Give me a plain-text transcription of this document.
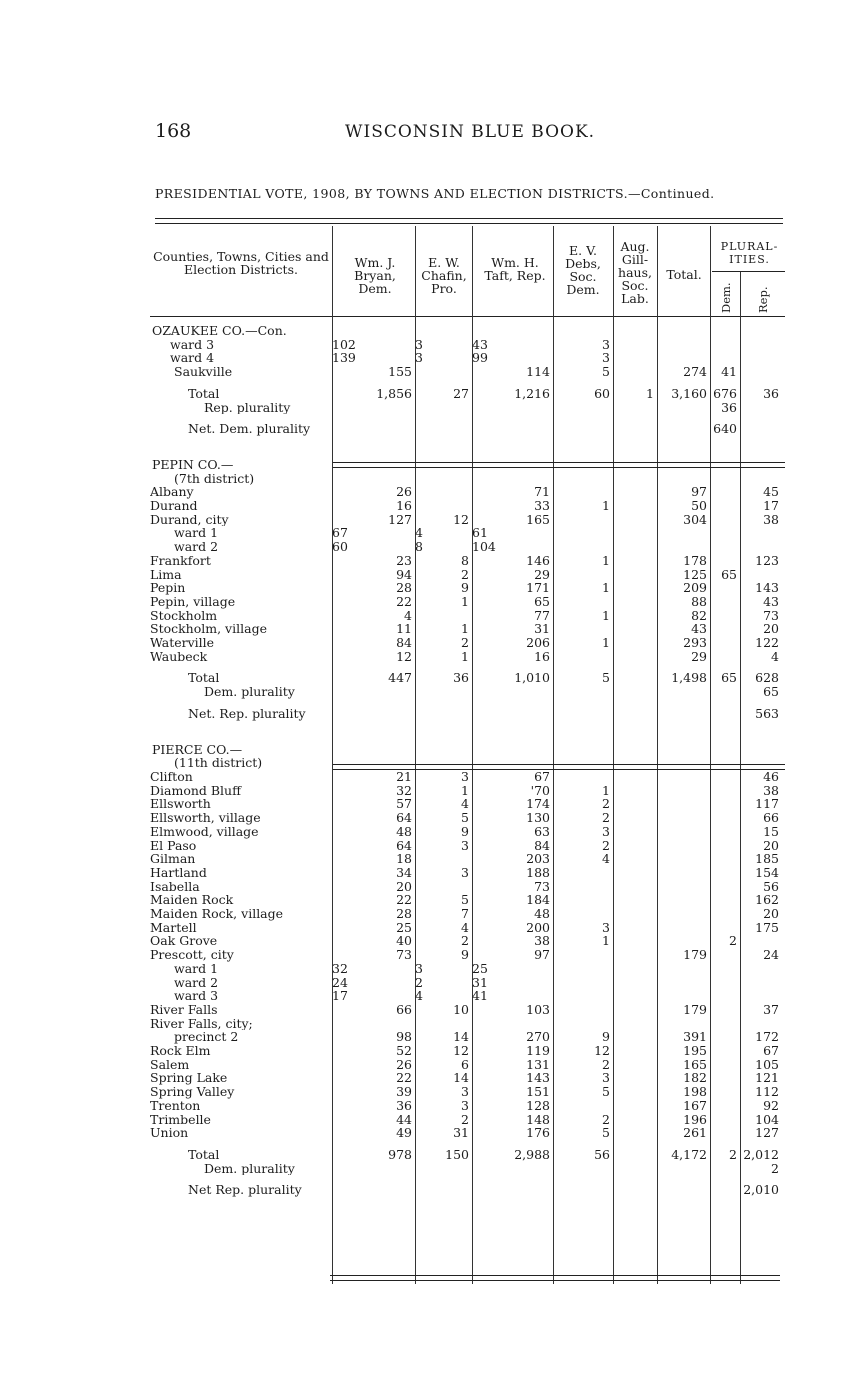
168	WISCONSIN BLUE BOOK.
PRESIDENTIAL VOTE, 1908, BY TOWNS AND ELECTION DISTRICTS.—Continued.
Counties, Towns, Cities and Election Districts.	Wm. J. Bryan, Dem.
E. W. Chafin, Pro.
Wm. H. Taft, Rep.
E. V. Debs, Soc. Dem.
Aug. Gill- haus, Soc. Lab.
Total.
PLURAL- ITIES.
Dem. Rep.
OZAUKEE CO.—Con.								
ward 3	102	3	43	3				
ward 4	139	3	99	3				
Saukville	155		114	5		274	41	

Total	1,856	27	1,216	60	1	3,160	676	36
Rep. plurality							36	

Net. Dem. plurality							640	

PEPIN CO.—								
(7th district)								
Albany	26		71			97		45
Durand	16		33	1		50		17
Durand, city	127	12	165			304		38
ward 1	67	4	61					
ward 2	60	8	104					
Frankfort	23	8	146	1		178		123
Lima	94	2	29			125	65	
Pepin	28	9	171	1		209		143
Pepin, village	22	1	65			88		43
Stockholm	4		77	1		82		73
Stockholm, village	11	1	31			43		20
Waterville	84	2	206	1		293		122
Waubeck	12	1	16			29		4

Total	447	36	1,010	5		1,498	65	628
Dem. plurality								65

Net. Rep. plurality								563

PIERCE CO.—								
(11th district)								
Clifton	21	3	67					46
Diamond Bluff	32	1	'70	1				38
Ellsworth	57	4	174	2				117
Ellsworth, village	64	5	130	2				66
Elmwood, village	48	9	63	3				15
El Paso	64	3	84	2				20
Gilman	18		203	4				185
Hartland	34	3	188					154
Isabella	20		73					56
Maiden Rock	22	5	184					162
Maiden Rock, village	28	7	48					20
Martell	25	4	200	3				175
Oak Grove	40	2	38	1			2	
Prescott, city	73	9	97			179		24
ward 1	32	3	25					
ward 2	24	2	31					
ward 3	17	4	41					
River Falls	66	10	103			179		37
River Falls, city;								
precinct 2	98	14	270	9		391		172
Rock Elm	52	12	119	12		195		67
Salem	26	6	131	2		165		105
Spring Lake	22	14	143	3		182		121
Spring Valley	39	3	151	5		198		112
Trenton	36	3	128			167		92
Trimbelle	44	2	148	2		196		104
Union	49	31	176	5		261		127

Total	978	150	2,988	56		4,172	2	2,012
Dem. plurality								2

Net Rep. plurality								2,010
